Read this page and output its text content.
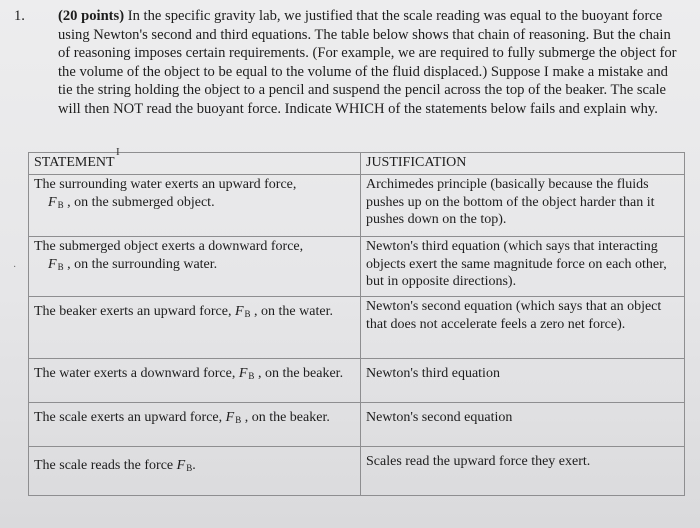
1.	(20 points) In the specific gravity lab, we justified that the scale reading was equal to the buoyant force using Newton's second and third equations. The table below shows that chain of reasoning. But the chain of reasoning imposes certain requirements. (For example, we are required to fully submerge the object for the volume of the object to be equal to the volume of the fluid displaced.) Suppose I make a mistake and tie the string holding the object to a pencil and suspend the pencil across the top of the beaker. The scale will then NOT read the buoyant force. Indicate WHICH of the statements below fails and explain why.
STATEMENT	JUSTIFICATION
The surrounding water exerts an upward force,
$F_B$ , on the submerged object.	Archimedes principle (basically because the fluids pushes up on the bottom of the object harder than it pushes down on the top).
The submerged object exerts a downward force,
$F_B$ , on the surrounding water.	Newton's third equation (which says that interacting objects exert the same magnitude force on each other, but in opposite directions).
The beaker exerts an upward force, $F_B$ , on the water.	Newton's second equation (which says that an object that does not accelerate feels a zero net force).
The water exerts a downward force, $F_B$ , on the beaker.	Newton's third equation
The scale exerts an upward force, $F_B$ , on the beaker.	Newton's second equation
The scale reads the force $F_B$.	Scales read the upward force they exert.
I
·
